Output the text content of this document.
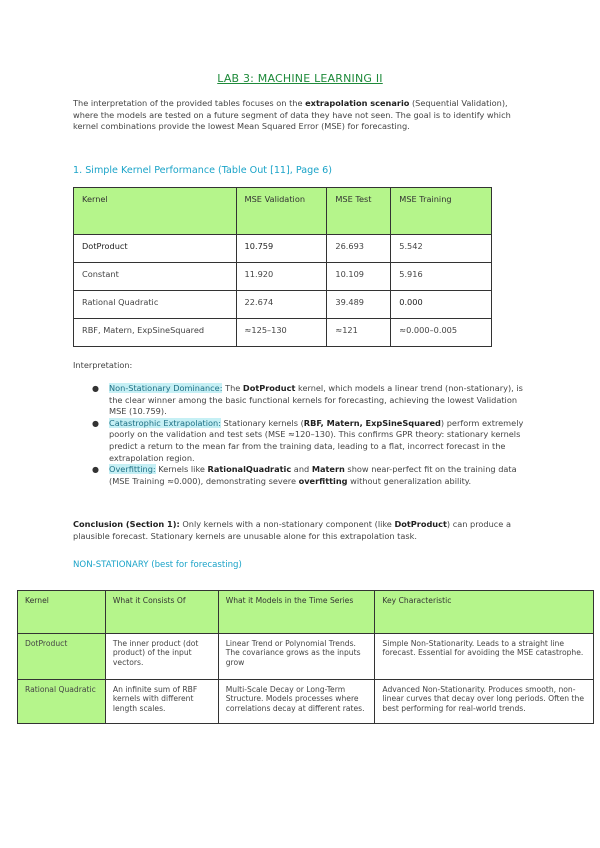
LAB 3: MACHINE LEARNING II
The interpretation of the provided tables focuses on the extrapolation scenario (Sequential Validation), where the models are tested on a future segment of data they have not seen. The goal is to identify which kernel combinations provide the lowest Mean Squared Error (MSE) for forecasting.
1. Simple Kernel Performance (Table Out [11], Page 6)
Kernel	MSE Validation	MSE Test	MSE Training
DotProduct	10.759	26.693	5.542
Constant	11.920	10.109	5.916
Rational Quadratic	22.674	39.489	0.000
RBF, Matern, ExpSineSquared	≈125–130	≈121	≈0.000–0.005
Interpretation:
● Non-Stationary Dominance: The DotProduct kernel, which models a linear trend (non-stationary), is the clear winner among the basic functional kernels for forecasting, achieving the lowest Validation MSE (10.759).
● Catastrophic Extrapolation: Stationary kernels (RBF, Matern, ExpSineSquared) perform extremely poorly on the validation and test sets (MSE ≈120–130). This confirms GPR theory: stationary kernels predict a return to the mean far from the training data, leading to a flat, incorrect forecast in the extrapolation region.
● Overfitting: Kernels like RationalQuadratic and Matern show near-perfect fit on the training data (MSE Training ≈0.000), demonstrating severe overfitting without generalization ability.
Conclusion (Section 1): Only kernels with a non-stationary component (like DotProduct) can produce a plausible forecast. Stationary kernels are unusable alone for this extrapolation task.
NON-STATIONARY (best for forecasting)
Kernel	What it Consists Of	What it Models in the Time Series	Key Characteristic
DotProduct	The inner product (dot product) of the input vectors.	Linear Trend or Polynomial Trends. The covariance grows as the inputs grow	Simple Non-Stationarity. Leads to a straight line forecast. Essential for avoiding the MSE catastrophe.
Rational Quadratic	An infinite sum of RBF kernels with different length scales.	Multi-Scale Decay or Long-Term Structure. Models processes where correlations decay at different rates.	Advanced Non-Stationarity. Produces smooth, non-linear curves that decay over long periods. Often the best performing for real-world trends.
